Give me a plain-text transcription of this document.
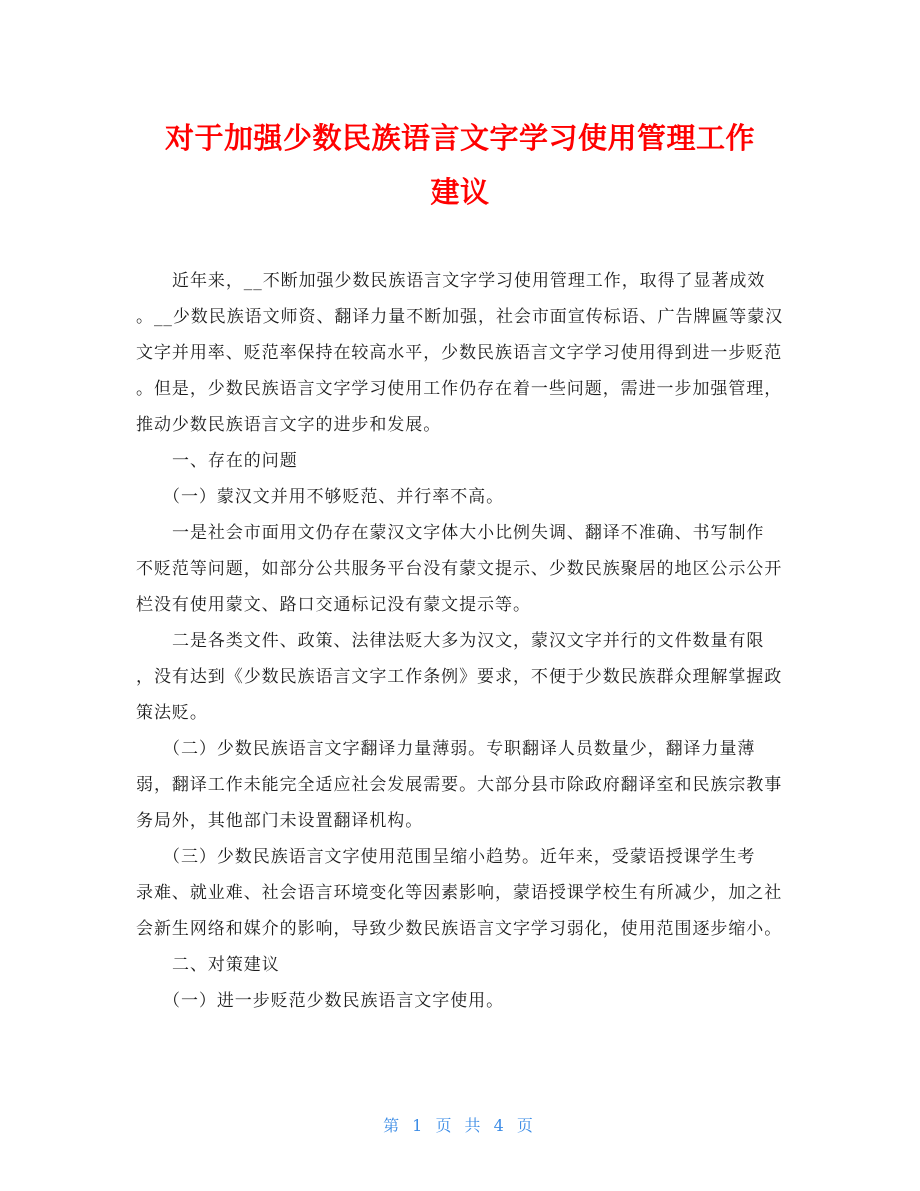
对于加强少数民族语言文字学习使用管理工作
建议
近年来，__不断加强少数民族语言文字学习使用管理工作，取得了显著成效
。__少数民族语文师资、翻译力量不断加强，社会市面宣传标语、广告牌匾等蒙汉
文字并用率、贬范率保持在较高水平，少数民族语言文字学习使用得到进一步贬范
。但是，少数民族语言文字学习使用工作仍存在着一些问题，需进一步加强管理，
推动少数民族语言文字的进步和发展。
一、存在的问题
（一）蒙汉文并用不够贬范、并行率不高。
一是社会市面用文仍存在蒙汉文字体大小比例失调、翻译不准确、书写制作
不贬范等问题，如部分公共服务平台没有蒙文提示、少数民族聚居的地区公示公开
栏没有使用蒙文、路口交通标记没有蒙文提示等。
二是各类文件、政策、法律法贬大多为汉文，蒙汉文字并行的文件数量有限
，没有达到《少数民族语言文字工作条例》要求，不便于少数民族群众理解掌握政
策法贬。
（二）少数民族语言文字翻译力量薄弱。专职翻译人员数量少，翻译力量薄
弱，翻译工作未能完全适应社会发展需要。大部分县市除政府翻译室和民族宗教事
务局外，其他部门未设置翻译机构。
（三）少数民族语言文字使用范围呈缩小趋势。近年来，受蒙语授课学生考
录难、就业难、社会语言环境变化等因素影响，蒙语授课学校生有所减少，加之社
会新生网络和媒介的影响，导致少数民族语言文字学习弱化，使用范围逐步缩小。
二、对策建议
（一）进一步贬范少数民族语言文字使用。
第 1 页 共 4 页
